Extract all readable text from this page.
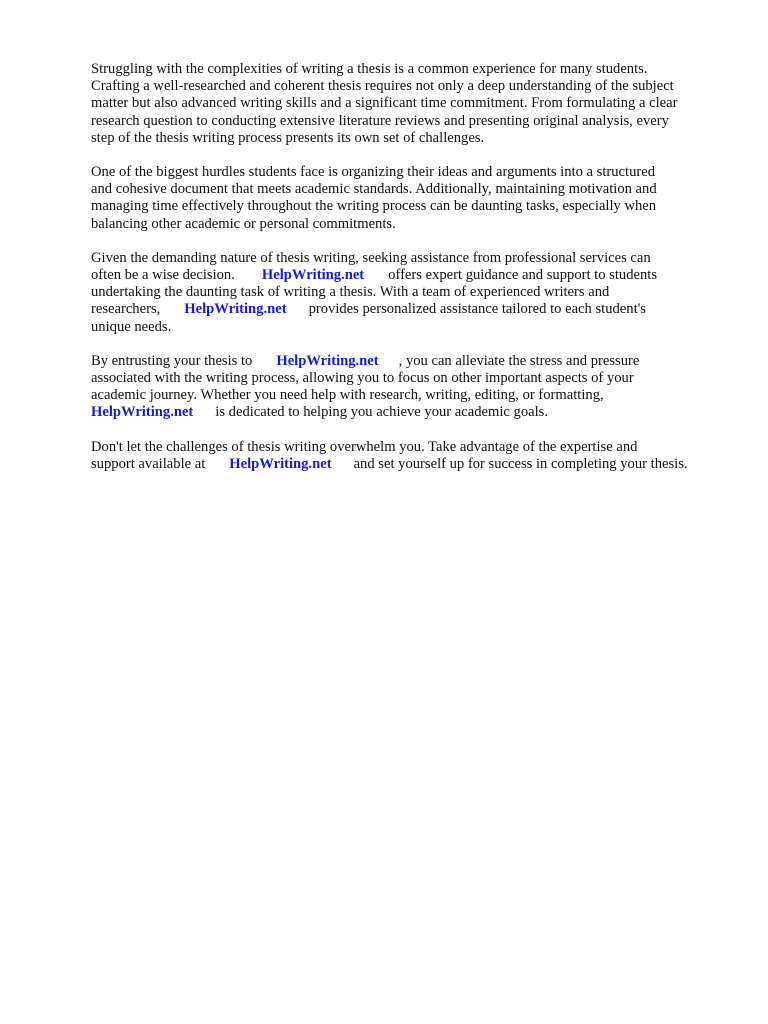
Struggling with the complexities of writing a thesis is a common experience for many students.
Crafting a well-researched and coherent thesis requires not only a deep understanding of the subject
matter but also advanced writing skills and a significant time commitment. From formulating a clear
research question to conducting extensive literature reviews and presenting original analysis, every
step of the thesis writing process presents its own set of challenges.

One of the biggest hurdles students face is organizing their ideas and arguments into a structured
and cohesive document that meets academic standards. Additionally, maintaining motivation and
managing time effectively throughout the writing process can be daunting tasks, especially when
balancing other academic or personal commitments.

Given the demanding nature of thesis writing, seeking assistance from professional services can
often be a wise decision. HelpWriting.net offers expert guidance and support to students
undertaking the daunting task of writing a thesis. With a team of experienced writers and
researchers, HelpWriting.net provides personalized assistance tailored to each student's
unique needs.

By entrusting your thesis to HelpWriting.net , you can alleviate the stress and pressure
associated with the writing process, allowing you to focus on other important aspects of your
academic journey. Whether you need help with research, writing, editing, or formatting,
HelpWriting.net is dedicated to helping you achieve your academic goals.

Don't let the challenges of thesis writing overwhelm you. Take advantage of the expertise and
support available at HelpWriting.net and set yourself up for success in completing your thesis.
